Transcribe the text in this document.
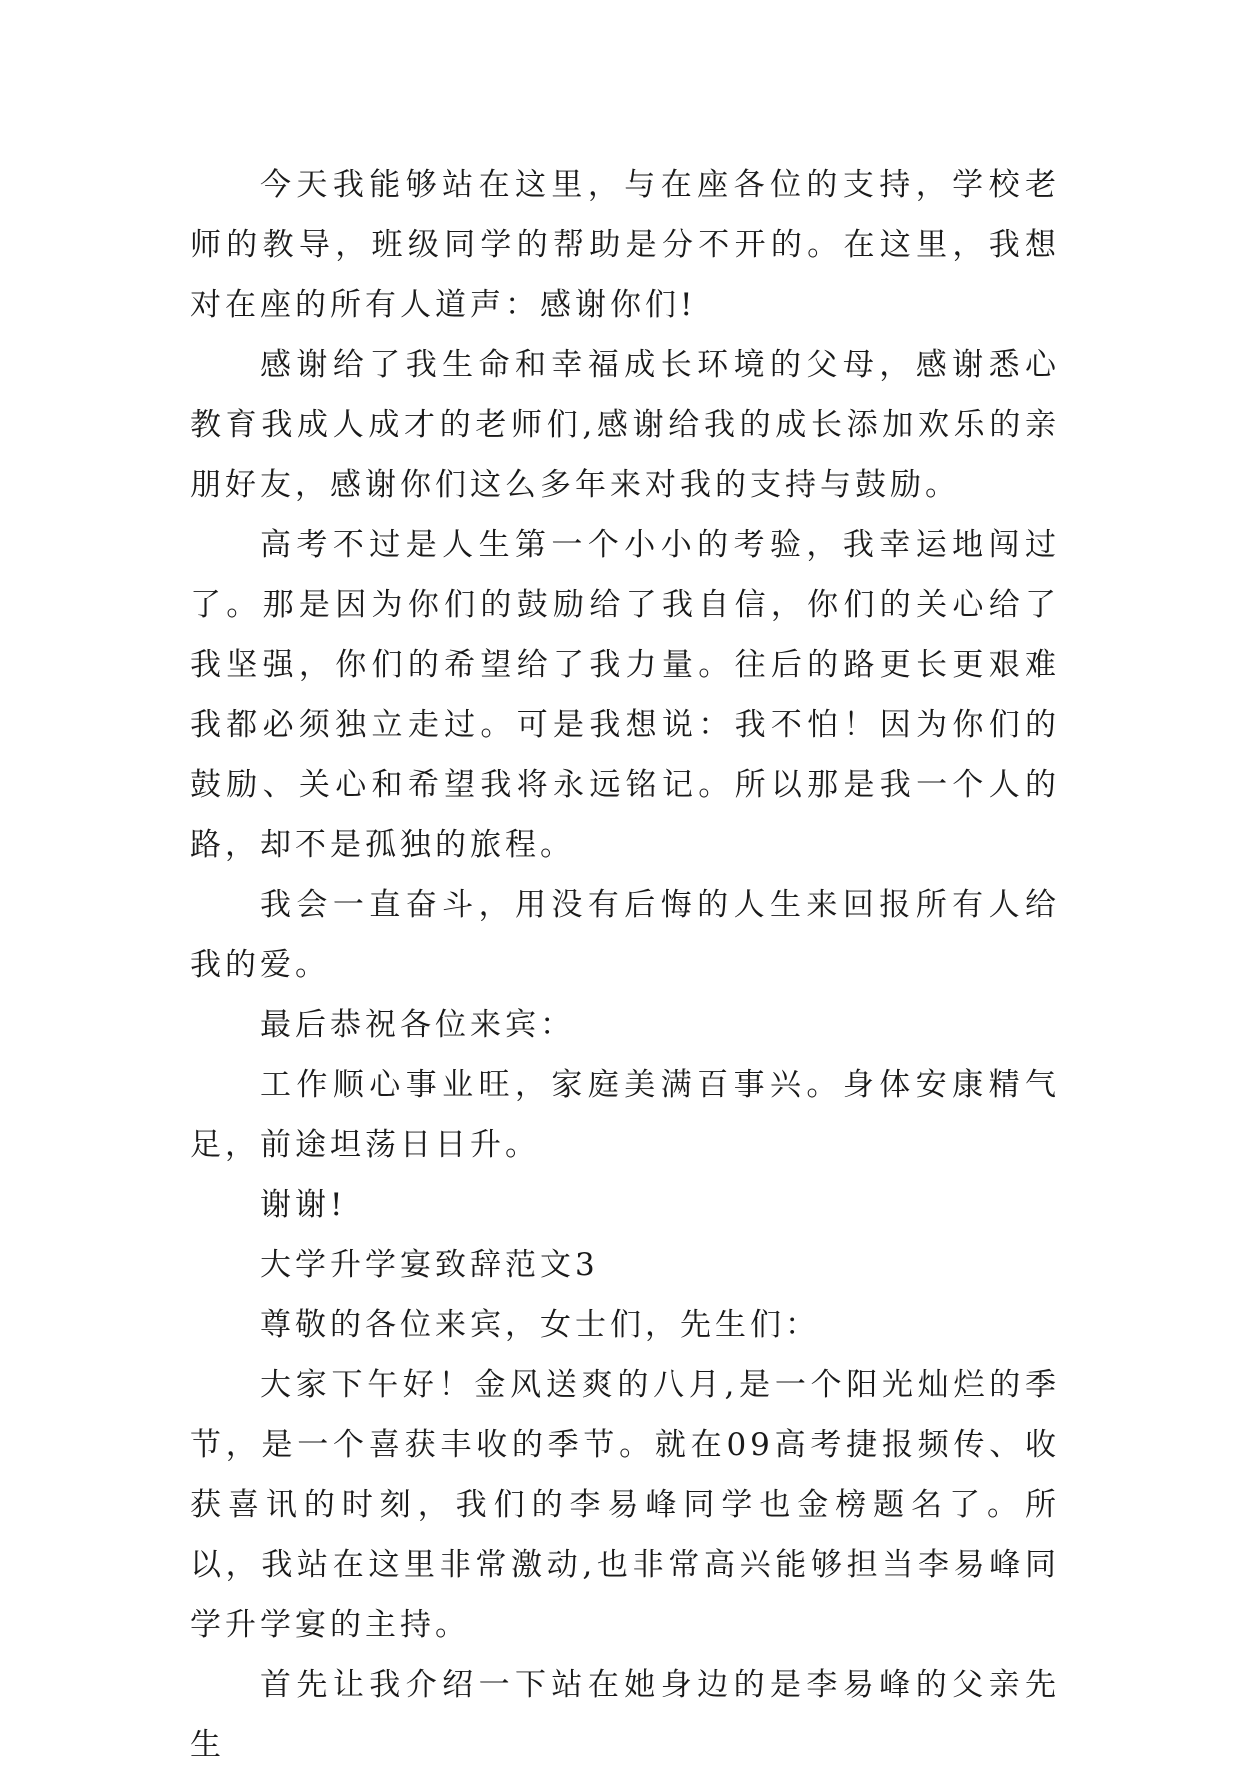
今天我能够站在这里，与在座各位的支持，学校老师的教导，班级同学的帮助是分不开的。在这里，我想对在座的所有人道声：感谢你们!

感谢给了我生命和幸福成长环境的父母，感谢悉心教育我成人成才的老师们,感谢给我的成长添加欢乐的亲朋好友，感谢你们这么多年来对我的支持与鼓励。

高考不过是人生第一个小小的考验，我幸运地闯过了。那是因为你们的鼓励给了我自信，你们的关心给了我坚强，你们的希望给了我力量。往后的路更长更艰难我都必须独立走过。可是我想说：我不怕！因为你们的鼓励、关心和希望我将永远铭记。所以那是我一个人的路，却不是孤独的旅程。

我会一直奋斗，用没有后悔的人生来回报所有人给我的爱。

最后恭祝各位来宾：

工作顺心事业旺，家庭美满百事兴。身体安康精气足，前途坦荡日日升。

谢谢!

大学升学宴致辞范文3

尊敬的各位来宾，女士们，先生们：

大家下午好！金风送爽的八月,是一个阳光灿烂的季节，是一个喜获丰收的季节。就在09高考捷报频传、收获喜讯的时刻，我们的李易峰同学也金榜题名了。所以，我站在这里非常激动,也非常高兴能够担当李易峰同学升学宴的主持。

首先让我介绍一下站在她身边的是李易峰的父亲先生
